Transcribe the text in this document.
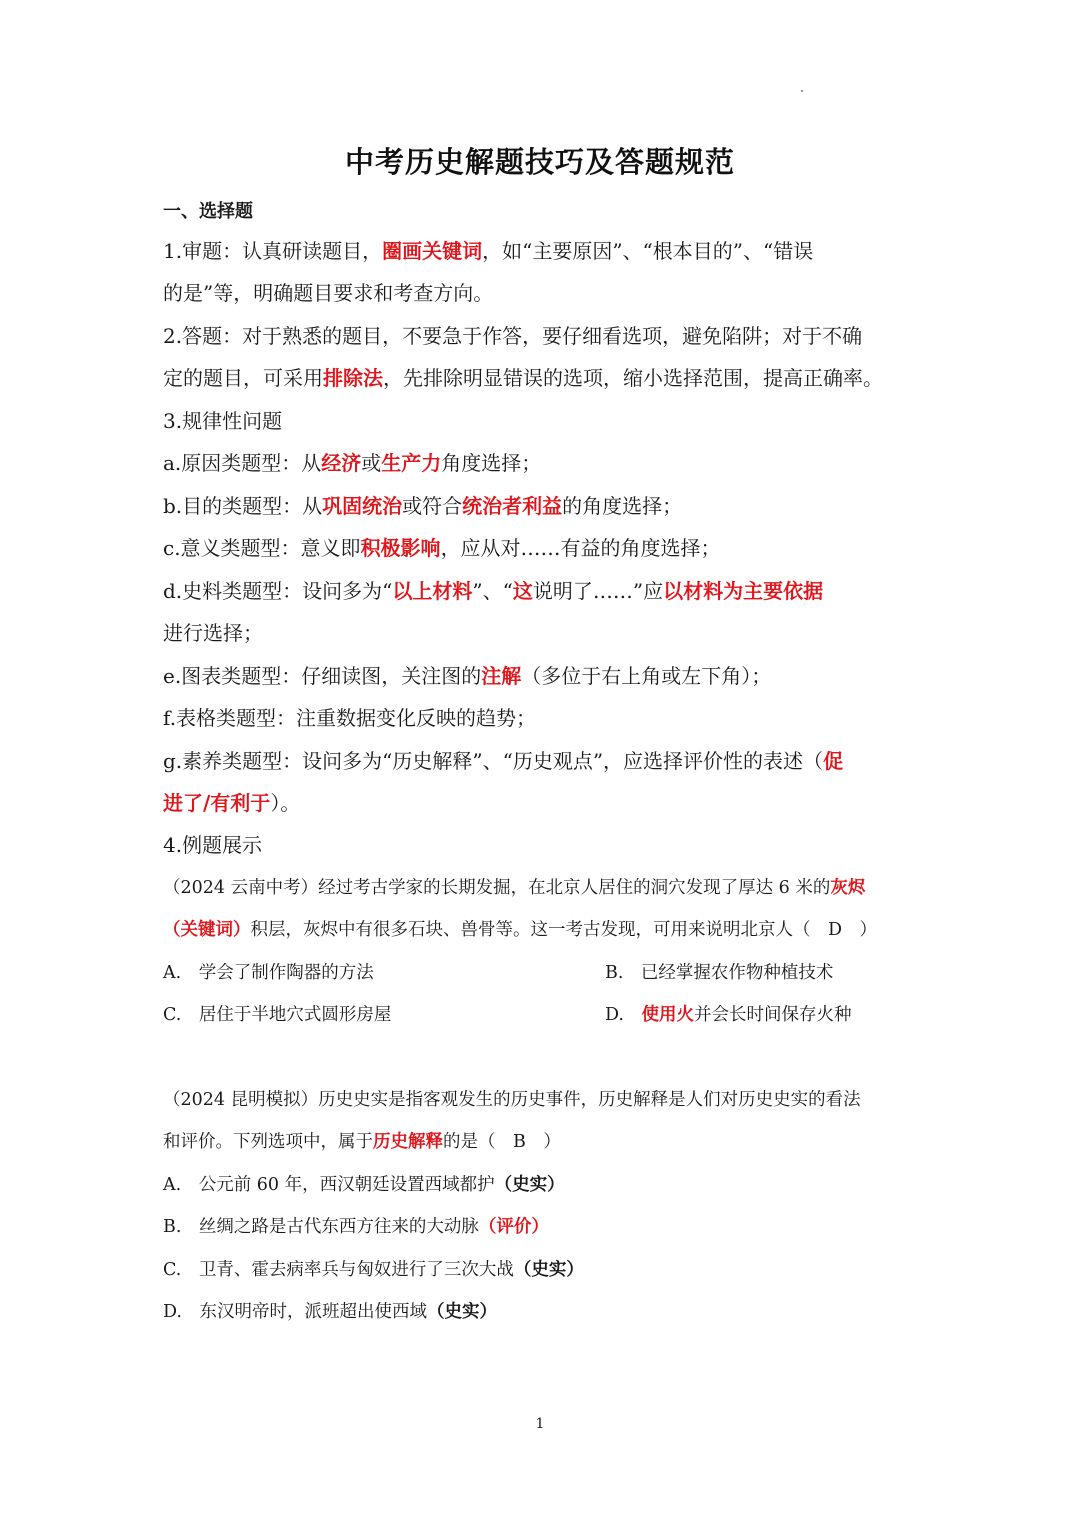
中考历史解题技巧及答题规范
一、选择题
1.审题：认真研读题目，圈画关键词，如“主要原因”、“根本目的”、“错误
的是”等，明确题目要求和考查方向。
2.答题：对于熟悉的题目，不要急于作答，要仔细看选项，避免陷阱；对于不确
定的题目，可采用排除法，先排除明显错误的选项，缩小选择范围，提高正确率。
3.规律性问题
a.原因类题型：从经济或生产力角度选择；
b.目的类题型：从巩固统治或符合统治者利益的角度选择；
c.意义类题型：意义即积极影响，应从对……有益的角度选择；
d.史料类题型：设问多为“以上材料”、“这说明了……”应以材料为主要依据
进行选择；
e.图表类题型：仔细读图，关注图的注解（多位于右上角或左下角）；
f.表格类题型：注重数据变化反映的趋势；
g.素养类题型：设问多为“历史解释”、“历史观点”，应选择评价性的表述（促
进了/有利于）。
4.例题展示
（2024 云南中考）经过考古学家的长期发掘，在北京人居住的洞穴发现了厚达 6 米的灰烬
（关键词）积层，灰烬中有很多石块、兽骨等。这一考古发现，可用来说明北京人（　D　）
A.　学会了制作陶器的方法	B.　已经掌握农作物种植技术
C.　居住于半地穴式圆形房屋	D.　使用火并会长时间保存火种
（2024 昆明模拟）历史史实是指客观发生的历史事件，历史解释是人们对历史史实的看法
和评价。下列选项中，属于历史解释的是（　B　）
A.　公元前 60 年，西汉朝廷设置西域都护（史实）
B.　丝绸之路是古代东西方往来的大动脉（评价）
C.　卫青、霍去病率兵与匈奴进行了三次大战（史实）
D.　东汉明帝时，派班超出使西域（史实）
1
